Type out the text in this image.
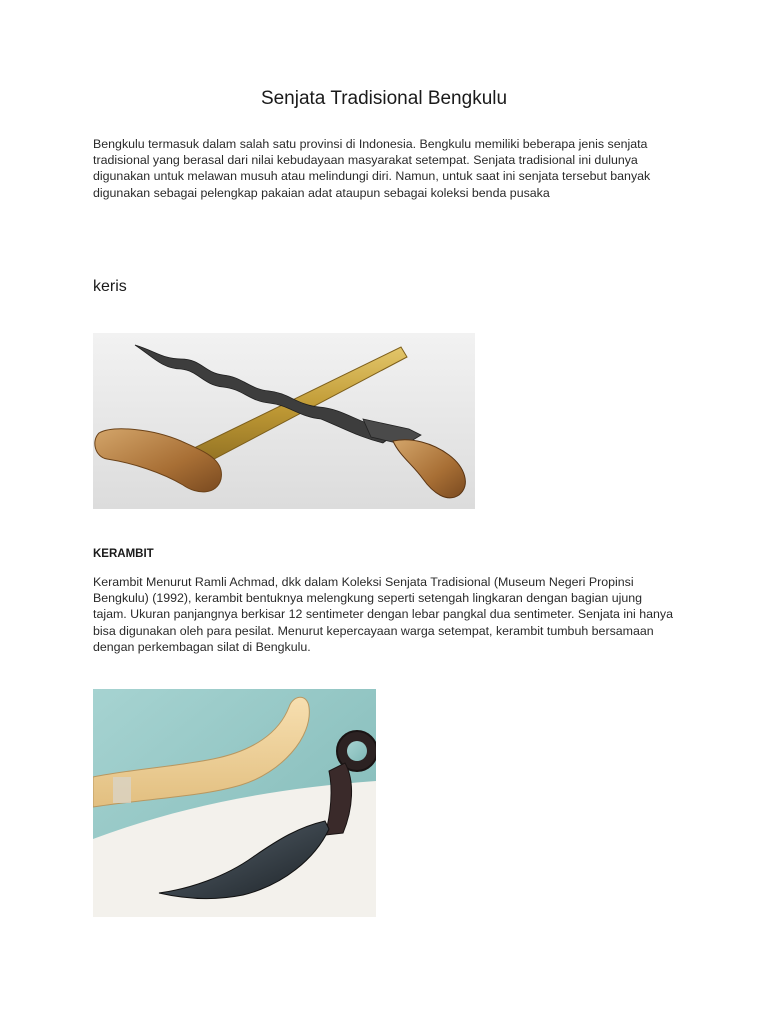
Senjata Tradisional Bengkulu

Bengkulu termasuk dalam salah satu provinsi di Indonesia. Bengkulu memiliki beberapa jenis senjata tradisional yang berasal dari nilai kebudayaan masyarakat setempat. Senjata tradisional ini dulunya digunakan untuk melawan musuh atau melindungi diri. Namun, untuk saat ini senjata tersebut banyak digunakan sebagai pelengkap pakaian adat ataupun sebagai koleksi benda pusaka

keris
KERAMBIT

Kerambit Menurut Ramli Achmad, dkk dalam Koleksi Senjata Tradisional (Museum Negeri Propinsi Bengkulu) (1992), kerambit bentuknya melengkung seperti setengah lingkaran dengan bagian ujung tajam. Ukuran panjangnya berkisar 12 sentimeter dengan lebar pangkal dua sentimeter. Senjata ini hanya bisa digunakan oleh para pesilat. Menurut kepercayaan warga setempat, kerambit tumbuh bersamaan dengan perkembagan silat di Bengkulu.
